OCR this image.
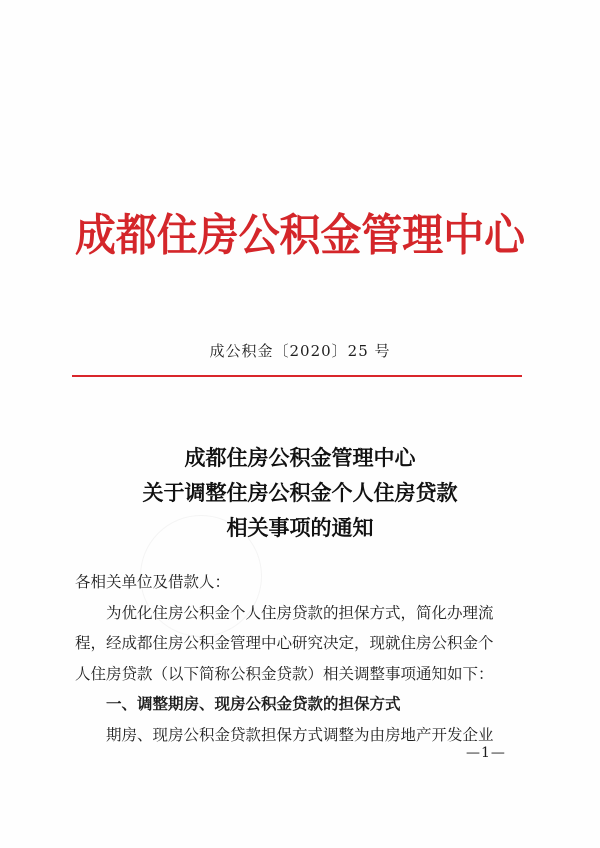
成都住房公积金管理中心
成公积金〔2020〕25 号
成都住房公积金管理中心
关于调整住房公积金个人住房贷款
相关事项的通知

各相关单位及借款人：

为优化住房公积金个人住房贷款的担保方式，简化办理流

程，经成都住房公积金管理中心研究决定，现就住房公积金个

人住房贷款（以下简称公积金贷款）相关调整事项通知如下：

一、调整期房、现房公积金贷款的担保方式

期房、现房公积金贷款担保方式调整为由房地产开发企业

—1—
